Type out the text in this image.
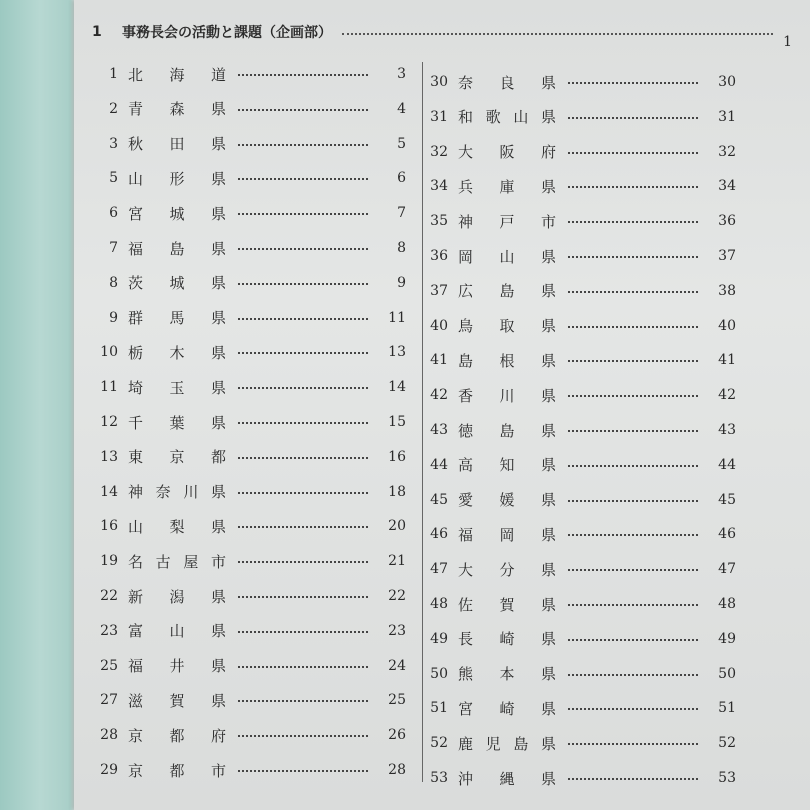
1	事務長会の活動と課題（企画部）
1
1 北海道	3
2 青森県	4
3 秋田県	5
5 山形県	6
6 宮城県	7
7 福島県	8
8 茨城県	9
9 群馬県	11
10 栃木県	13
11 埼玉県	14
12 千葉県	15
13 東京都	16
14 神奈川県	18
16 山梨県	20
19 名古屋市	21
22 新潟県	22
23 富山県	23
25 福井県	24
27 滋賀県	25
28 京都府	26
29 京都市	28
30 奈良県	30
31 和歌山県	31
32 大阪府	32
34 兵庫県	34
35 神戸市	36
36 岡山県	37
37 広島県	38
40 鳥取県	40
41 島根県	41
42 香川県	42
43 徳島県	43
44 高知県	44
45 愛媛県	45
46 福岡県	46
47 大分県	47
48 佐賀県	48
49 長崎県	49
50 熊本県	50
51 宮崎県	51
52 鹿児島県	52
53 沖縄県	53
